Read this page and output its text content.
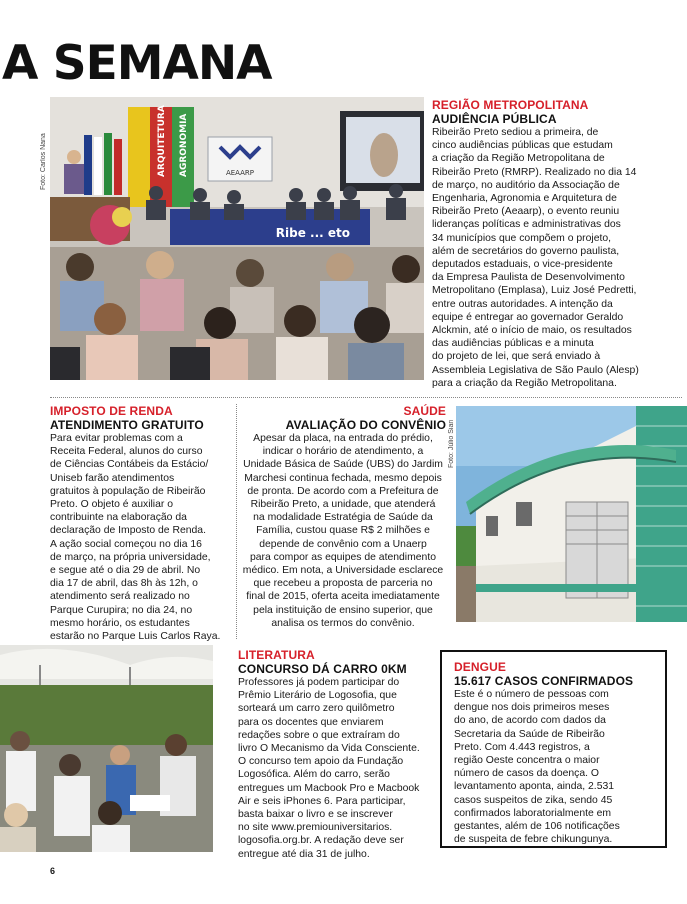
A SEMANA
Foto: Carlos Nana	ARQUITETURA AGRONOMIA	AEAARP
Ribe ... eto
REGIÃO METROPOLITANA
AUDIÊNCIA PÚBLICA

Ribeirão Preto sediou a primeira, de

cinco audiências públicas que estudam

a criação da Região Metropolitana de

Ribeirão Preto (RMRP). Realizado no dia 14

de março, no auditório da Associação de

Engenharia, Agronomia e Arquitetura de

Ribeirão Preto (Aeaarp), o evento reuniu

lideranças políticas e administrativas dos

34 municípios que compõem o projeto,

além de secretários do governo paulista,

deputados estaduais, o vice-presidente

da Empresa Paulista de Desenvolvimento

Metropolitano (Emplasa), Luiz José Pedretti,

entre outras autoridades. A intenção da

equipe é entregar ao governador Geraldo

Alckmin, até o início de maio, os resultados

das audiências públicas e a minuta

do projeto de lei, que será enviado à

Assembleia Legislativa de São Paulo (Alesp)

para a criação da Região Metropolitana.

IMPOSTO DE RENDA
ATENDIMENTO GRATUITO

Para evitar problemas com a

Receita Federal, alunos do curso

de Ciências Contábeis da Estácio/

Uniseb farão atendimentos

gratuitos à população de Ribeirão

Preto. O objeto é auxiliar o

contribuinte na elaboração da

declaração de Imposto de Renda.

A ação social começou no dia 16

de março, na própria universidade,

e segue até o dia 29 de abril. No

dia 17 de abril, das 8h às 12h, o

atendimento será realizado no

Parque Curupira; no dia 24, no

mesmo horário, os estudantes

estarão no Parque Luis Carlos Raya.

SAÚDE
AVALIAÇÃO DO CONVÊNIO

Apesar da placa, na entrada do prédio,

indicar o horário de atendimento, a

Unidade Básica de Saúde (UBS) do Jardim

Marchesi continua fechada, mesmo depois

de pronta. De acordo com a Prefeitura de

Ribeirão Preto, a unidade, que atenderá

na modalidade Estratégia de Saúde da

Família, custou quase R$ 2 milhões e

depende de convênio com a Unaerp

para compor as equipes de atendimento

médico. Em nota, a Universidade esclarece

que recebeu a proposta de parceria no

final de 2015, oferta aceita imediatamente

pela instituição de ensino superior, que

analisa os termos do convênio.

Foto: Júlio Sian
LITERATURA
CONCURSO DÁ CARRO 0KM

Professores já podem participar do

Prêmio Literário de Logosofia, que

sorteará um carro zero quilômetro

para os docentes que enviarem

redações sobre o que extraíram do

livro O Mecanismo da Vida Consciente.

O concurso tem apoio da Fundação

Logosófica. Além do carro, serão

entregues um Macbook Pro e Macbook

Air e seis iPhones 6. Para participar,

basta baixar o livro e se inscrever

no site www.premiouniversitarios.

logosofia.org.br. A redação deve ser

entregue até dia 31 de julho.

DENGUE
15.617 CASOS CONFIRMADOS

Este é o número de pessoas com

dengue nos dois primeiros meses

do ano, de acordo com dados da

Secretaria da Saúde de Ribeirão

Preto. Com 4.443 registros, a

região Oeste concentra o maior

número de casos da doença. O

levantamento aponta, ainda, 2.531

casos suspeitos de zika, sendo 45

confirmados laboratorialmente em

gestantes, além de 106 notificações

de suspeita de febre chikungunya.

6
